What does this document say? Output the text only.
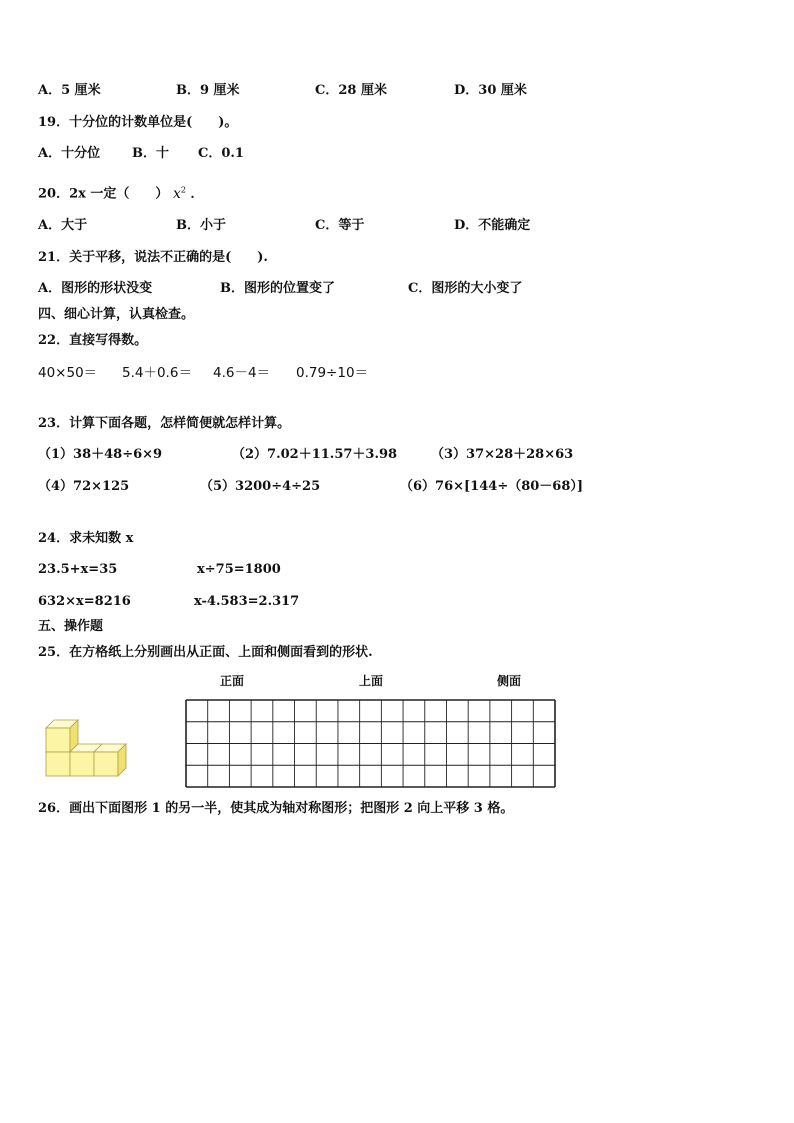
A．5 厘米	B．9 厘米	C．28 厘米	D．30 厘米
19．十分位的计数单位是(　　)。
A．十分位 B．十 C．0.1
20．2x 一定（　　） $x^2$ ．
A．大于	B．小于	C．等于	D．不能确定
21．关于平移，说法不正确的是(　　).
A．图形的形状没变	B．图形的位置变了	C．图形的大小变了
四、细心计算，认真检查。
22．直接写得数。
40×50＝ 5.4＋0.6＝ 4.6－4＝ 0.79÷10＝
23．计算下面各题，怎样简便就怎样计算。
（1）38＋48÷6×9	（2）7.02＋11.57＋3.98	（3）37×28＋28×63
（4）72×125	（5）3200÷4÷25	（6）76×[144÷（80－68）]
24．求未知数 x
23.5+x=35	x÷75=1800
632×x=8216	x-4.583=2.317
五、操作题
25．在方格纸上分别画出从正面、上面和侧面看到的形状.
正面	上面	侧面
26．画出下面图形 1 的另一半，使其成为轴对称图形；把图形 2 向上平移 3 格。
